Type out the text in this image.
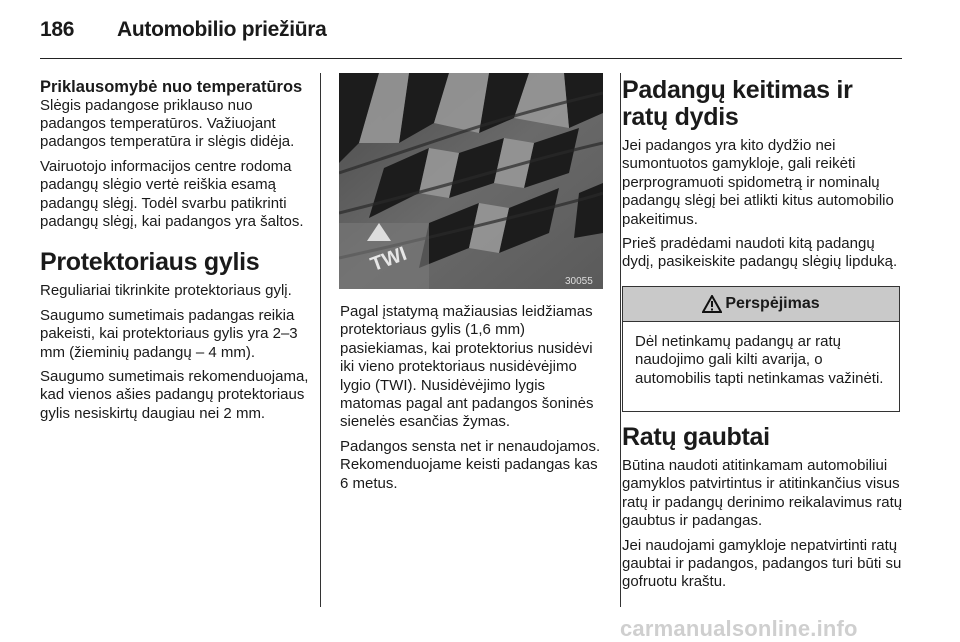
186 Automobilio priežiūra

Priklausomybė nuo temperatūros

Slėgis padangose priklauso nuo padangos temperatūros. Važiuojant padangos temperatūra ir slėgis didėja.

Vairuotojo informacijos centre rodoma padangų slėgio vertė reiškia esamą padangų slėgį. Todėl svarbu patikrinti padangų slėgį, kai padangos yra šaltos.

Protektoriaus gylis

Reguliariai tikrinkite protektoriaus gylį.

Saugumo sumetimais padangas reikia pakeisti, kai protektoriaus gylis yra 2–3 mm (žieminių padangų – 4 mm).

Saugumo sumetimais rekomenduojama, kad vienos ašies padangų protektoriaus gylis nesiskirtų daugiau nei 2 mm.

TWI
30055

Pagal įstatymą mažiausias leidžiamas protektoriaus gylis (1,6 mm) pasiekiamas, kai protektorius nusidėvi iki vieno protektoriaus nusidėvėjimo lygio (TWI). Nusidėvėjimo lygis matomas pagal ant padangos šoninės sienelės esančias žymas.

Padangos sensta net ir nenaudojamos. Rekomenduojame keisti padangas kas 6 metus.

Padangų keitimas ir ratų dydis

Jei padangos yra kito dydžio nei sumontuotos gamykloje, gali reikėti perprogramuoti spidometrą ir nominalų padangų slėgį bei atlikti kitus automobilio pakeitimus.

Prieš pradėdami naudoti kitą padangų dydį, pasikeiskite padangų slėgių lipduką.

Perspėjimas
Dėl netinkamų padangų ar ratų naudojimo gali kilti avarija, o automobilis tapti netinkamas važinėti.

Ratų gaubtai

Būtina naudoti atitinkamam automobiliui gamyklos patvirtintus ir atitinkančius visus ratų ir padangų derinimo reikalavimus ratų gaubtus ir padangas.

Jei naudojami gamykloje nepatvirtinti ratų gaubtai ir padangos, padangos turi būti su gofruotu kraštu.

carmanualsonline.info
